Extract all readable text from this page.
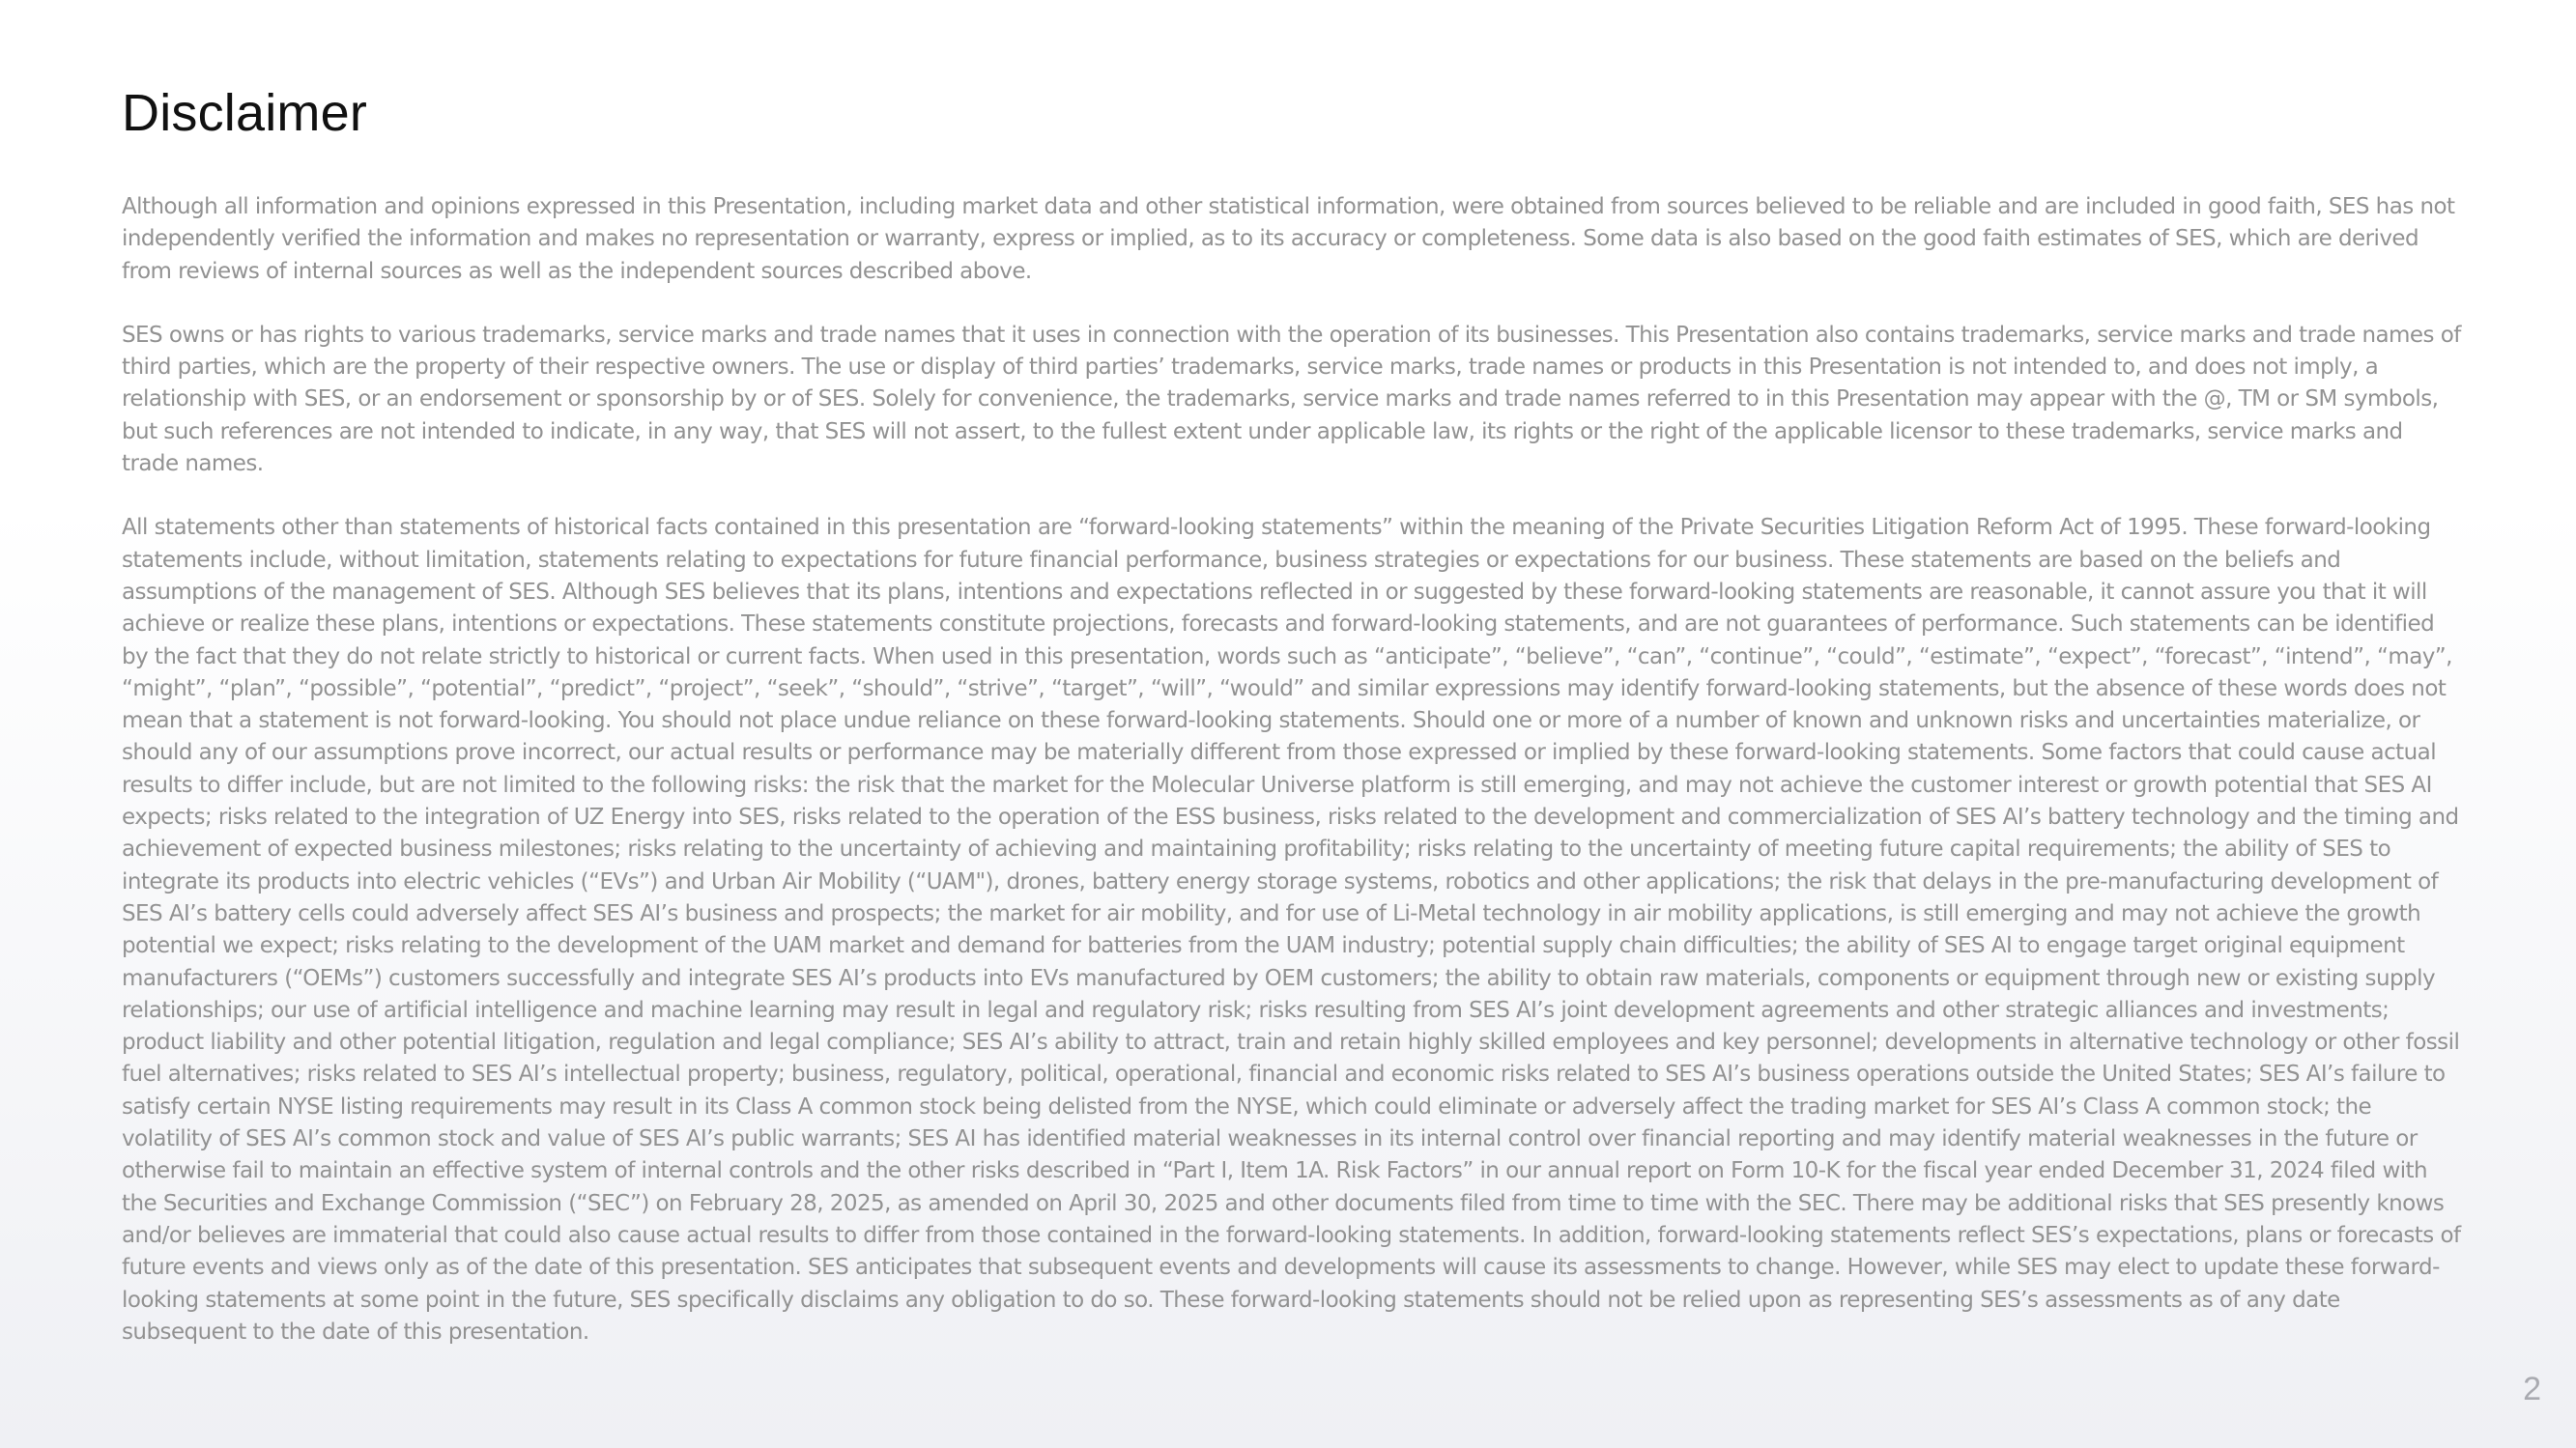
Disclaimer

Although all information and opinions expressed in this Presentation, including market data and other statistical information, were obtained from sources believed to be reliable and are included in good faith, SES has not independently verified the information and makes no representation or warranty, express or implied, as to its accuracy or completeness. Some data is also based on the good faith estimates of SES, which are derived from reviews of internal sources as well as the independent sources described above.

SES owns or has rights to various trademarks, service marks and trade names that it uses in connection with the operation of its businesses. This Presentation also contains trademarks, service marks and trade names of third parties, which are the property of their respective owners. The use or display of third parties’ trademarks, service marks, trade names or products in this Presentation is not intended to, and does not imply, a relationship with SES, or an endorsement or sponsorship by or of SES. Solely for convenience, the trademarks, service marks and trade names referred to in this Presentation may appear with the @, TM or SM symbols, but such references are not intended to indicate, in any way, that SES will not assert, to the fullest extent under applicable law, its rights or the right of the applicable licensor to these trademarks, service marks and trade names.

All statements other than statements of historical facts contained in this presentation are “forward-looking statements” within the meaning of the Private Securities Litigation Reform Act of 1995. These forward-looking statements include, without limitation, statements relating to expectations for future financial performance, business strategies or expectations for our business. These statements are based on the beliefs and assumptions of the management of SES. Although SES believes that its plans, intentions and expectations reflected in or suggested by these forward-looking statements are reasonable, it cannot assure you that it will achieve or realize these plans, intentions or expectations. These statements constitute projections, forecasts and forward-looking statements, and are not guarantees of performance. Such statements can be identified by the fact that they do not relate strictly to historical or current facts. When used in this presentation, words such as “anticipate”, “believe”, “can”, “continue”, “could”, “estimate”, “expect”, “forecast”, “intend”, “may”, “might”, “plan”, “possible”, “potential”, “predict”, “project”, “seek”, “should”, “strive”, “target”, “will”, “would” and similar expressions may identify forward-looking statements, but the absence of these words does not mean that a statement is not forward-looking. You should not place undue reliance on these forward-looking statements. Should one or more of a number of known and unknown risks and uncertainties materialize, or should any of our assumptions prove incorrect, our actual results or performance may be materially different from those expressed or implied by these forward-looking statements. Some factors that could cause actual results to differ include, but are not limited to the following risks: the risk that the market for the Molecular Universe platform is still emerging, and may not achieve the customer interest or growth potential that SES AI expects; risks related to the integration of UZ Energy into SES, risks related to the operation of the ESS business, risks related to the development and commercialization of SES AI’s battery technology and the timing and achievement of expected business milestones; risks relating to the uncertainty of achieving and maintaining profitability; risks relating to the uncertainty of meeting future capital requirements; the ability of SES to integrate its products into electric vehicles (“EVs”) and Urban Air Mobility (“UAM"), drones, battery energy storage systems, robotics and other applications; the risk that delays in the pre-manufacturing development of SES AI’s battery cells could adversely affect SES AI’s business and prospects; the market for air mobility, and for use of Li-Metal technology in air mobility applications, is still emerging and may not achieve the growth potential we expect; risks relating to the development of the UAM market and demand for batteries from the UAM industry; potential supply chain difficulties; the ability of SES AI to engage target original equipment manufacturers (“OEMs”) customers successfully and integrate SES AI’s products into EVs manufactured by OEM customers; the ability to obtain raw materials, components or equipment through new or existing supply relationships; our use of artificial intelligence and machine learning may result in legal and regulatory risk; risks resulting from SES AI’s joint development agreements and other strategic alliances and investments; product liability and other potential litigation, regulation and legal compliance; SES AI’s ability to attract, train and retain highly skilled employees and key personnel; developments in alternative technology or other fossil fuel alternatives; risks related to SES AI’s intellectual property; business, regulatory, political, operational, financial and economic risks related to SES AI’s business operations outside the United States; SES AI’s failure to satisfy certain NYSE listing requirements may result in its Class A common stock being delisted from the NYSE, which could eliminate or adversely affect the trading market for SES AI’s Class A common stock; the volatility of SES AI’s common stock and value of SES AI’s public warrants; SES AI has identified material weaknesses in its internal control over financial reporting and may identify material weaknesses in the future or otherwise fail to maintain an effective system of internal controls and the other risks described in “Part I, Item 1A. Risk Factors” in our annual report on Form 10-K for the fiscal year ended December 31, 2024 filed with the Securities and Exchange Commission (“SEC”) on February 28, 2025, as amended on April 30, 2025 and other documents filed from time to time with the SEC. There may be additional risks that SES presently knows and/or believes are immaterial that could also cause actual results to differ from those contained in the forward-looking statements. In addition, forward-looking statements reflect SES’s expectations, plans or forecasts of future events and views only as of the date of this presentation. SES anticipates that subsequent events and developments will cause its assessments to change. However, while SES may elect to update these forward-looking statements at some point in the future, SES specifically disclaims any obligation to do so. These forward-looking statements should not be relied upon as representing SES’s assessments as of any date subsequent to the date of this presentation.

2
